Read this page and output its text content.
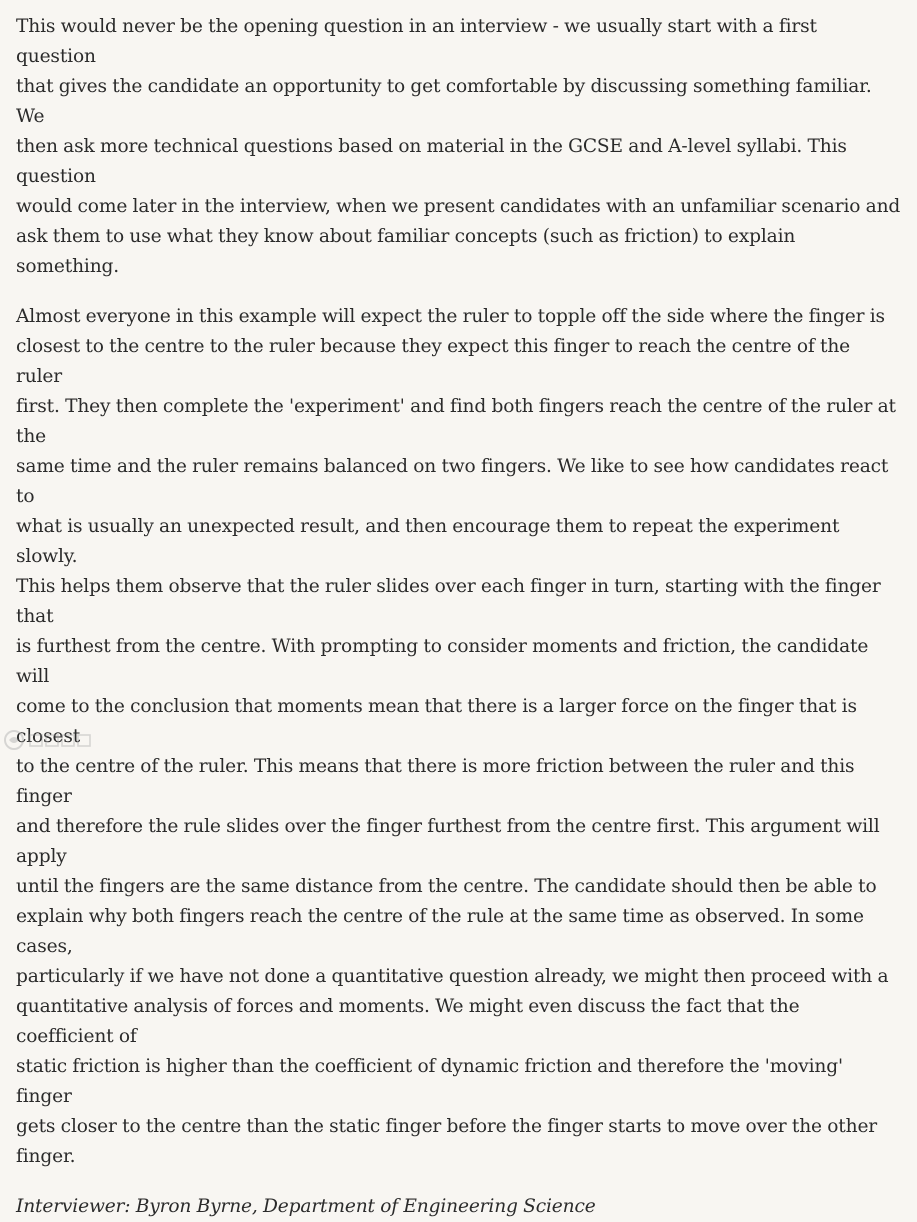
This would never be the opening question in an interview - we usually start with a first question
that gives the candidate an opportunity to get comfortable by discussing something familiar. We
then ask more technical questions based on material in the GCSE and A-level syllabi. This question
would come later in the interview, when we present candidates with an unfamiliar scenario and
ask them to use what they know about familiar concepts (such as friction) to explain something.

Almost everyone in this example will expect the ruler to topple off the side where the finger is
closest to the centre to the ruler because they expect this finger to reach the centre of the ruler
first. They then complete the 'experiment' and find both fingers reach the centre of the ruler at the
same time and the ruler remains balanced on two fingers. We like to see how candidates react to
what is usually an unexpected result, and then encourage them to repeat the experiment slowly.
This helps them observe that the ruler slides over each finger in turn, starting with the finger that
is furthest from the centre. With prompting to consider moments and friction, the candidate will
come to the conclusion that moments mean that there is a larger force on the finger that is closest
to the centre of the ruler. This means that there is more friction between the ruler and this finger
and therefore the rule slides over the finger furthest from the centre first. This argument will apply
until the fingers are the same distance from the centre. The candidate should then be able to
explain why both fingers reach the centre of the rule at the same time as observed. In some cases,
particularly if we have not done a quantitative question already, we might then proceed with a
quantitative analysis of forces and moments. We might even discuss the fact that the coefficient of
static friction is higher than the coefficient of dynamic friction and therefore the 'moving' finger
gets closer to the centre than the static finger before the finger starts to move over the other
finger.

Interviewer: Byron Byrne, Department of Engineering Science
